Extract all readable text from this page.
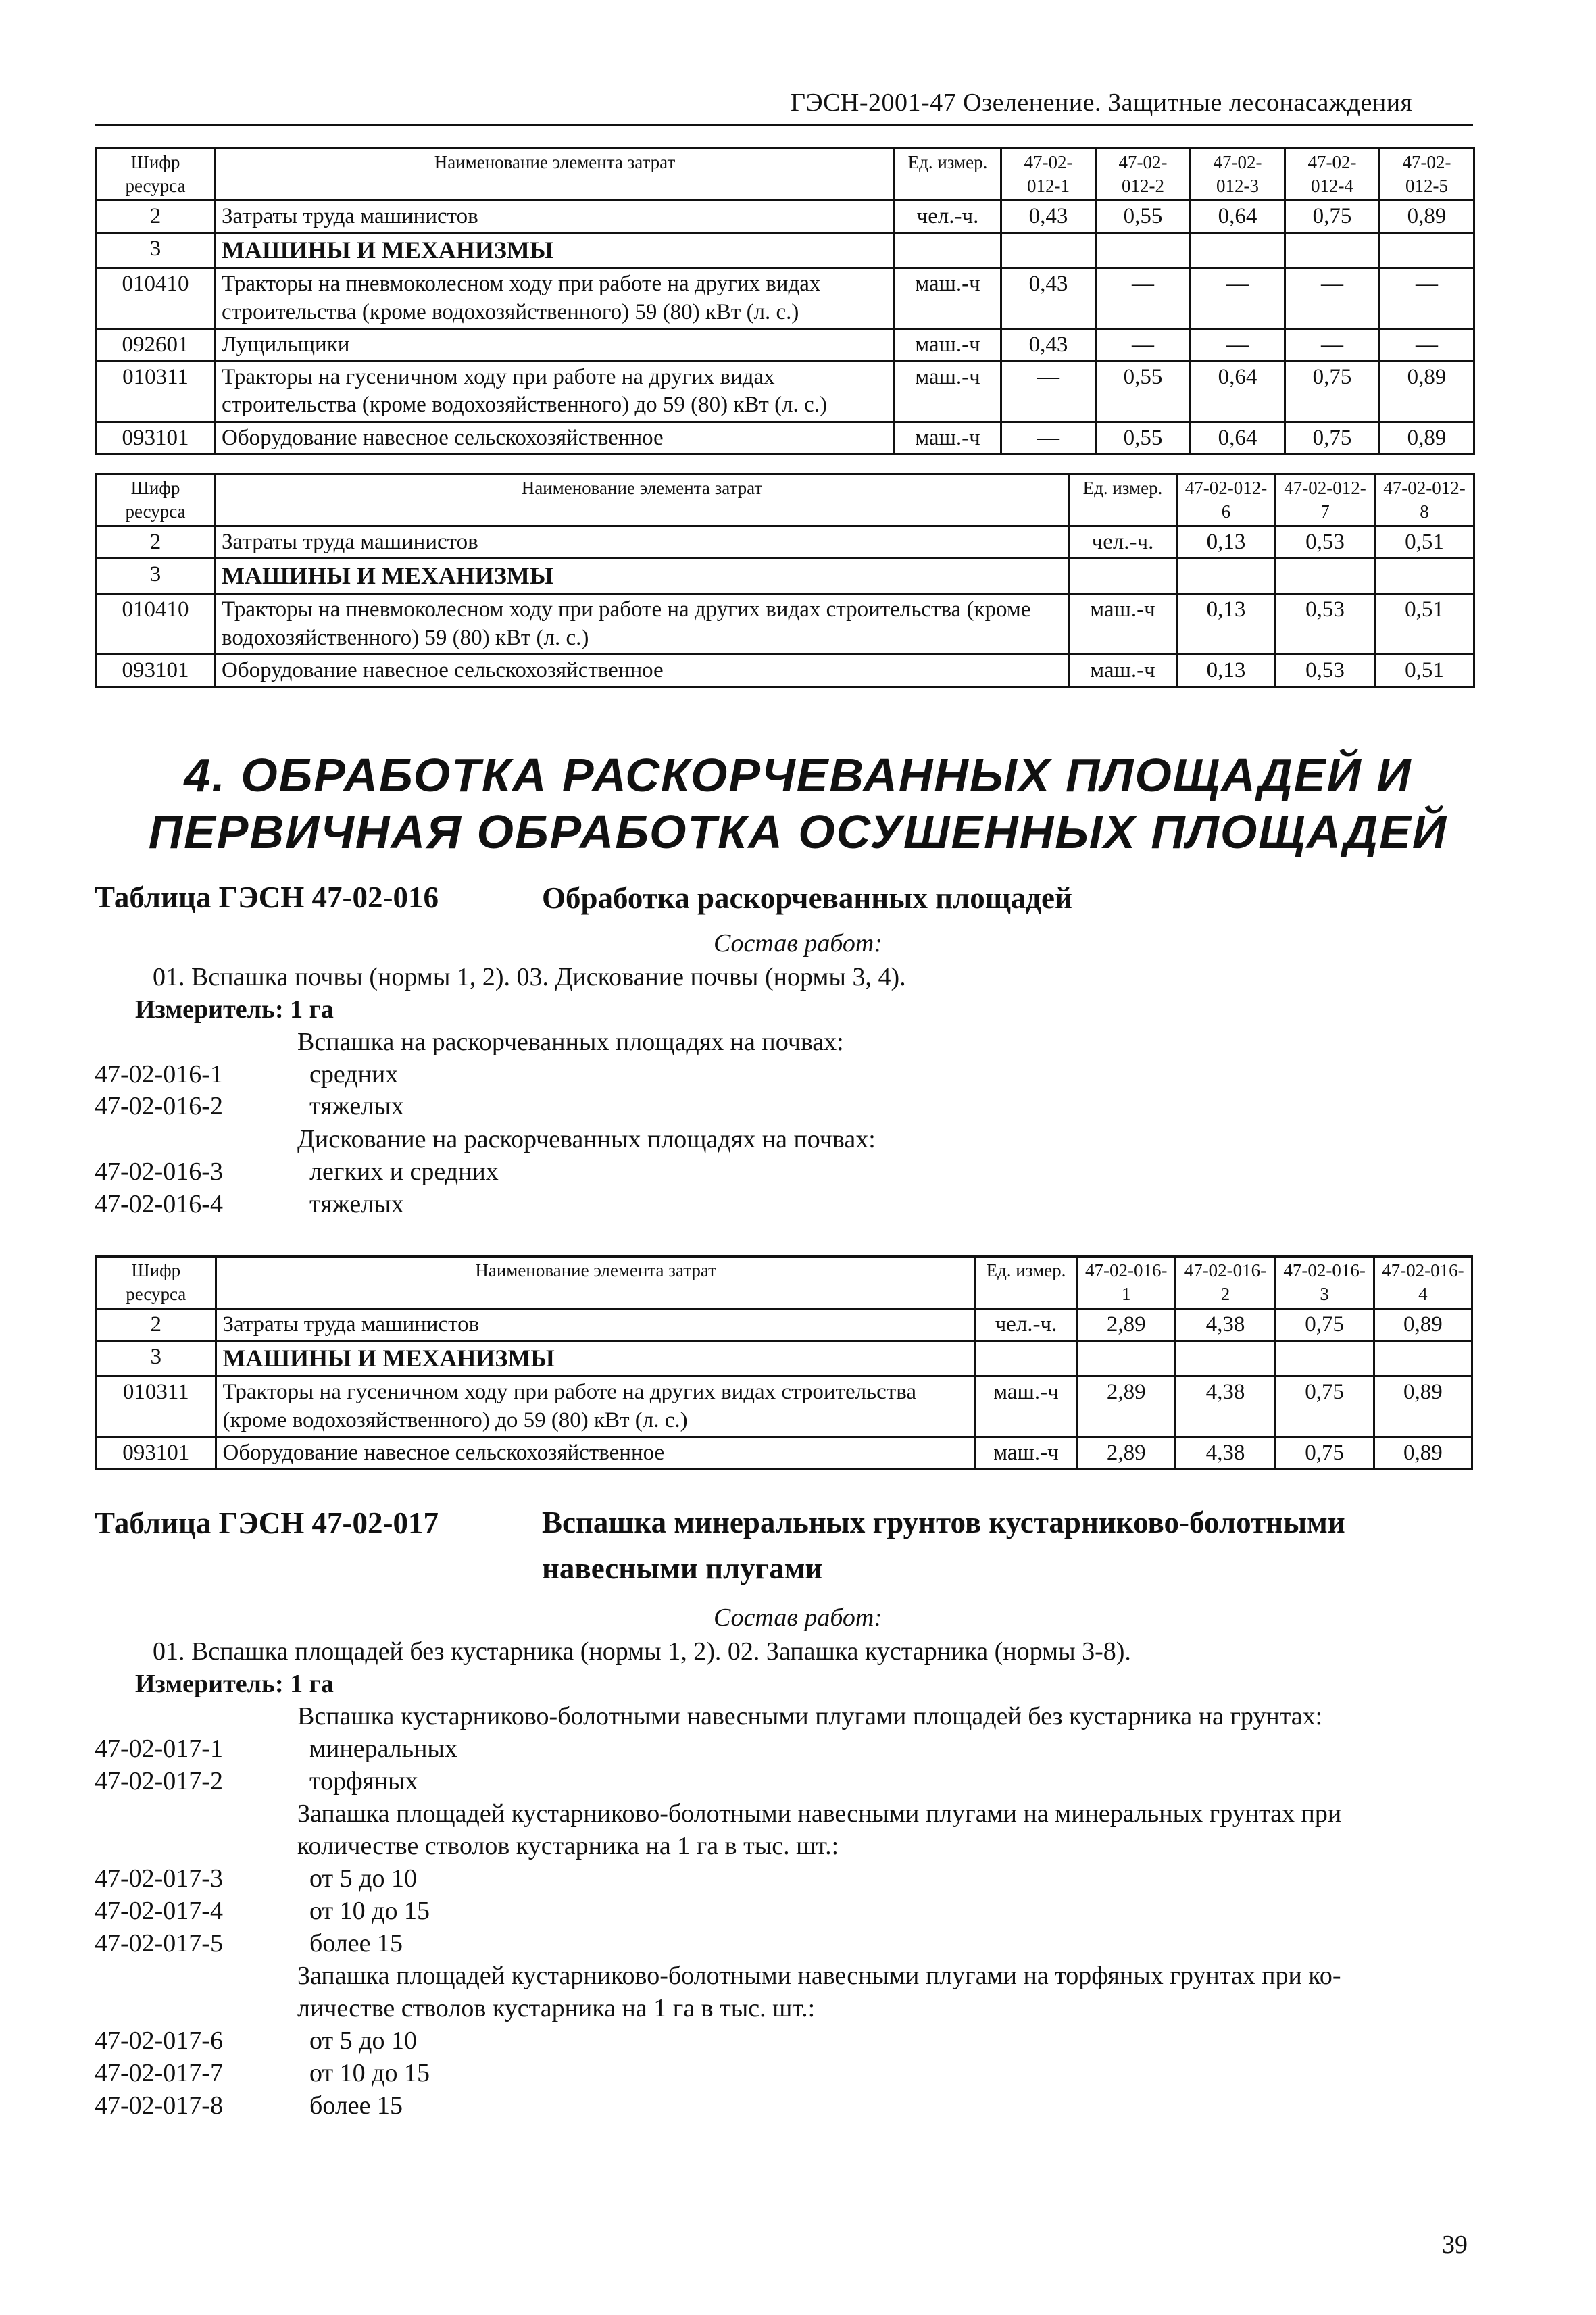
ГЭСН-2001-47 Озеленение. Защитные лесонасаждения
Шифр ресурса	Наименование элемента затрат	Ед. измер.	47-02-012-1	47-02-012-2	47-02-012-3	47-02-012-4	47-02-012-5
2	Затраты труда машинистов	чел.-ч.	0,43	0,55	0,64	0,75	0,89
3	МАШИНЫ И МЕХАНИЗМЫ						
010410	Тракторы на пневмоколесном ходу при работе на других видах строительства (кроме водохозяйственного) 59 (80) кВт (л. с.)	маш.-ч	0,43	—	—	—	—
092601	Лущильщики	маш.-ч	0,43	—	—	—	—
010311	Тракторы на гусеничном ходу при работе на других видах строительства (кроме водохозяйственного) до 59 (80) кВт (л. с.)	маш.-ч	—	0,55	0,64	0,75	0,89
093101	Оборудование навесное сельскохозяйственное	маш.-ч	—	0,55	0,64	0,75	0,89
Шифр ресурса	Наименование элемента затрат	Ед. измер.	47-02-012-6	47-02-012-7	47-02-012-8
2	Затраты труда машинистов	чел.-ч.	0,13	0,53	0,51
3	МАШИНЫ И МЕХАНИЗМЫ				
010410	Тракторы на пневмоколесном ходу при работе на других видах строительства (кроме водохозяйственного) 59 (80) кВт (л. с.)	маш.-ч	0,13	0,53	0,51
093101	Оборудование навесное сельскохозяйственное	маш.-ч	0,13	0,53	0,51
4. ОБРАБОТКА РАСКОРЧЕВАННЫХ ПЛОЩАДЕЙ И
ПЕРВИЧНАЯ ОБРАБОТКА ОСУШЕННЫХ ПЛОЩАДЕЙ
Таблица ГЭСН 47-02-016	Обработка раскорчеванных площадей
Состав работ:
01. Вспашка почвы (нормы 1, 2). 03. Дискование почвы (нормы 3, 4).
Измеритель: 1 га
Вспашка на раскорчеванных площадях на почвах:
47-02-016-1	средних
47-02-016-2	тяжелых
Дискование на раскорчеванных площадях на почвах:
47-02-016-3	легких и средних
47-02-016-4	тяжелых
Шифр ресурса	Наименование элемента затрат	Ед. измер.	47-02-016-1	47-02-016-2	47-02-016-3	47-02-016-4
2	Затраты труда машинистов	чел.-ч.	2,89	4,38	0,75	0,89
3	МАШИНЫ И МЕХАНИЗМЫ					
010311	Тракторы на гусеничном ходу при работе на других видах строительства (кроме водохозяйственного) до 59 (80) кВт (л. с.)	маш.-ч	2,89	4,38	0,75	0,89
093101	Оборудование навесное сельскохозяйственное	маш.-ч	2,89	4,38	0,75	0,89
Таблица ГЭСН 47-02-017	Вспашка минеральных грунтов кустарниково-болотными навесными плугами
Состав работ:
01. Вспашка площадей без кустарника (нормы 1, 2). 02. Запашка кустарника (нормы 3-8).
Измеритель: 1 га
Вспашка кустарниково-болотными навесными плугами площадей без кустарника на грунтах:
47-02-017-1	минеральных
47-02-017-2	торфяных
Запашка площадей кустарниково-болотными навесными плугами на минеральных грунтах при
количестве стволов кустарника на 1 га в тыс. шт.:
47-02-017-3	от 5 до 10
47-02-017-4	от 10 до 15
47-02-017-5	более 15
Запашка площадей кустарниково-болотными навесными плугами на торфяных грунтах при ко-
личестве стволов кустарника на 1 га в тыс. шт.:
47-02-017-6	от 5 до 10
47-02-017-7	от 10 до 15
47-02-017-8	более 15
39
